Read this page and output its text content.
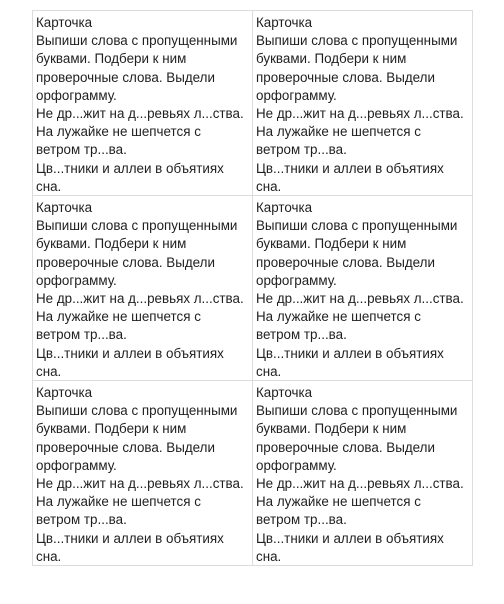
Карточка

Выпиши слова с пропущенными буквами. Подбери к ним проверочные слова. Выдели орфограмму.

Не др...жит на д...ревьях л...ства.

На лужайке не шепчется с ветром тр...ва.

Цв...тники и аллеи в объятиях сна.

Карточка

Выпиши слова с пропущенными буквами. Подбери к ним проверочные слова. Выдели орфограмму.

Не др...жит на д...ревьях л...ства.

На лужайке не шепчется с ветром тр...ва.

Цв...тники и аллеи в объятиях сна.

Карточка

Выпиши слова с пропущенными буквами. Подбери к ним проверочные слова. Выдели орфограмму.

Не др...жит на д...ревьях л...ства.

На лужайке не шепчется с ветром тр...ва.

Цв...тники и аллеи в объятиях сна.

Карточка

Выпиши слова с пропущенными буквами. Подбери к ним проверочные слова. Выдели орфограмму.

Не др...жит на д...ревьях л...ства.

На лужайке не шепчется с ветром тр...ва.

Цв...тники и аллеи в объятиях сна.

Карточка

Выпиши слова с пропущенными буквами. Подбери к ним проверочные слова. Выдели орфограмму.

Не др...жит на д...ревьях л...ства.

На лужайке не шепчется с ветром тр...ва.

Цв...тники и аллеи в объятиях сна.

Карточка

Выпиши слова с пропущенными буквами. Подбери к ним проверочные слова. Выдели орфограмму.

Не др...жит на д...ревьях л...ства.

На лужайке не шепчется с ветром тр...ва.

Цв...тники и аллеи в объятиях сна.
